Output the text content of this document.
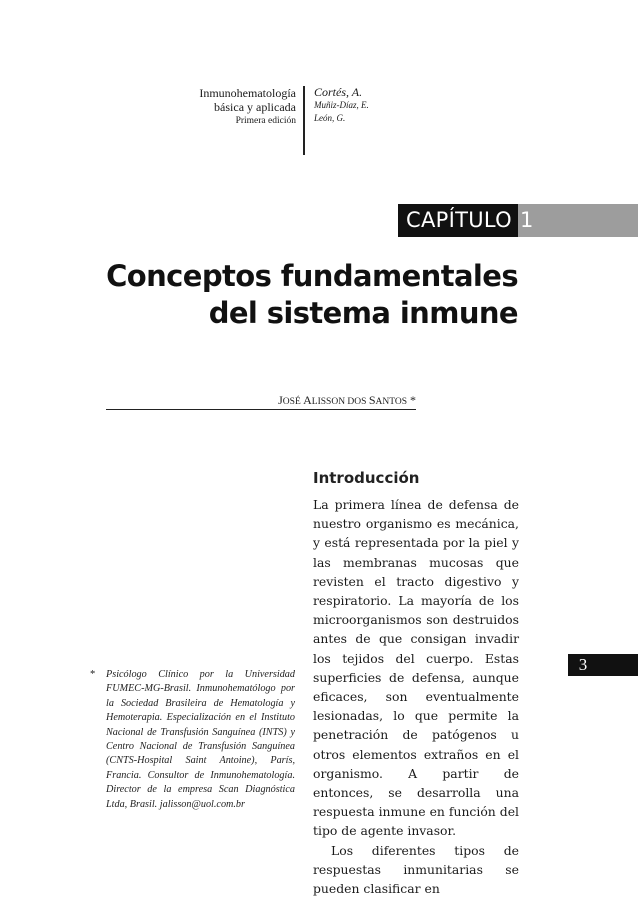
Inmunohematología
básica y aplicada
Primera edición
Cortés, A.
Muñiz-Díaz, E.
León, G.
CAPÍTULO 1
Conceptos fundamentales
del sistema inmune
JOSÉ ALISSON DOS SANTOS *
Introducción

La primera línea de defensa de nuestro organismo es mecánica, y está representada por la piel y las membranas mucosas que revisten el tracto digestivo y respiratorio. La mayoría de los microorganismos son destruidos antes de que consigan invadir los tejidos del cuerpo. Estas superficies de defensa, aunque eficaces, son eventualmente lesionadas, lo que permite la penetración de patógenos u otros elementos extraños en el organismo. A partir de entonces, se desarrolla una respuesta inmune en función del tipo de agente invasor.

Los diferentes tipos de respuestas inmunitarias se pueden clasificar en

3
* Psicólogo Clínico por la Universidad FUMEC-MG-Brasil. Inmunohematólogo por la Sociedad Brasileira de Hematología y Hemoterapia. Especialización en el Instituto Nacional de Transfusión Sanguínea (INTS) y Centro Nacional de Transfusión Sanguínea (CNTS-Hospital Saint Antoine), París, Francia. Consultor de Inmunohematología. Director de la empresa Scan Diagnóstica Ltda, Brasil. jalisson@uol.com.br
